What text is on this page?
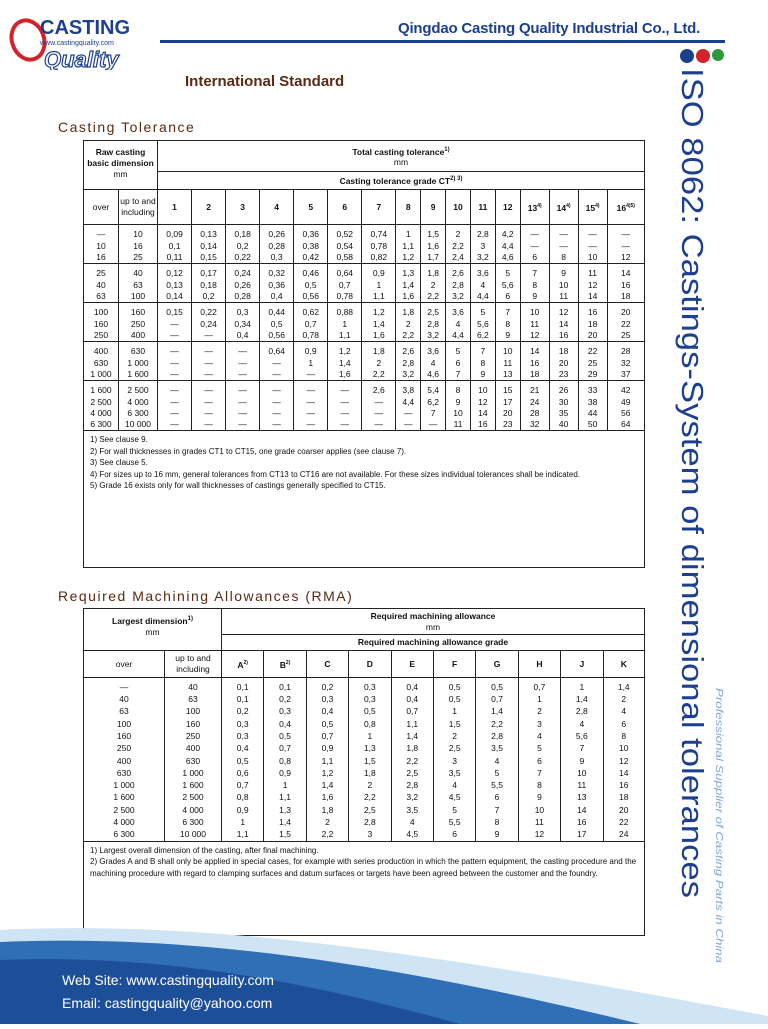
CASTING
www.castingquality.com
Quality
Qingdao Casting Quality Industrial Co., Ltd.
International Standard	ISO 8062: Castings-System of dimensional tolerances Professional Supplier of Casting Parts in China
Casting Tolerance
Raw casting basic dimension
mm		Total casting tolerance$^{1)}$
mm															
		Casting tolerance grade $CT^{2) 3)}$
over	up to and including	1	2	3	4	5	6	7	8	9	10	11	12	13$^{4)}$	14$^{4)}$	15$^{4)}$	$16^{4)5)}$
—	10	0,09	0,13	0,18	0,26	0,36	0,52	0,74	1	1,5	2	2,8	4,2	—	—	—	—
10	16	0,1	0,14	0,2	0,28	0,38	0,54	0,78	1,1	1,6	2,2	3	4,4	—	—	—	—
16	25	0,11	0,15	0,22	0,3	0,42	0,58	0,82	1,2	1,7	2,4	3,2	4,6	6	8	10	12
25	40	0,12	0,17	0,24	0,32	0,46	0,64	0,9	1,3	1,8	2,6	3,6	5	7	9	11	14
40	63	0,13	0,18	0,26	0,36	0,5	0,7	1	1,4	2	2,8	4	5,6	8	10	12	16
63	100	0,14	0,2	0,28	0,4	0,56	0,78	1,1	1,6	2,2	3,2	4,4	6	9	11	14	18
100	160	0,15	0,22	0,3	0,44	0,62	0,88	1,2	1,8	2,5	3,6	5	7	10	12	16	20
160	250	—	0,24	0,34	0,5	0,7	1	1,4	2	2,8	4	5,6	8	11	14	18	22
250	400	—	—	0,4	0,56	0,78	1,1	1,6	2,2	3,2	4,4	6,2	9	12	16	20	25
400	630	—	—	—	0,64	0,9	1,2	1,8	2,6	3,6	5	7	10	14	18	22	28
630	1 000	—	—	—	—	1	1,4	2	2,8	4	6	8	11	16	20	25	32
1 000	1 600	—	—	—	—	—	1,6	2,2	3,2	4,6	7	9	13	18	23	29	37
1 600	2 500	—	—	—	—	—	—	2,6	3,8	5,4	8	10	15	21	26	33	42
2 500	4 000	—	—	—	—	—	—	—	4,4	6,2	9	12	17	24	30	38	49
4 000	6 300	—	—	—	—	—	—	—	—	7	10	14	20	28	35	44	56
6 300	10 000	—	—	—	—	—	—	—	—	—	11	16	23	32	40	50	64

1) See clause 9.
2) For wall thicknesses in grades CT1 to CT15, one grade coarser applies (see clause 7).
3) See clause 5.
4) For sizes up to 16 mm, general tolerances from CT13 to CT16 are not available. For these sizes individual tolerances shall be indicated.
5) Grade 16 exists only for wall thicknesses of castings generally specified to CT15.																	
Required Machining Allowances (RMA)
Largest dimension$^{1)}$
mm		Required machining allowance
mm									
		Required machining allowance grade									
over	up to and including	$A^{2)}$	$B^{2)}$	C	D	E	F	G	H	J	K
—	40	0,1	0,1	0,2	0,3	0,4	0,5	0,5	0,7	1	1,4
40	63	0,1	0,2	0,3	0,3	0,4	0,5	0,7	1	1,4	2
63	100	0,2	0,3	0,4	0,5	0,7	1	1,4	2	2,8	4
100	160	0,3	0,4	0,5	0,8	1,1	1,5	2,2	3	4	6
160	250	0,3	0,5	0,7	1	1,4	2	2,8	4	5,6	8
250	400	0,4	0,7	0,9	1,3	1,8	2,5	3,5	5	7	10
400	630	0,5	0,8	1,1	1,5	2,2	3	4	6	9	12
630	1 000	0,6	0,9	1,2	1,8	2,5	3,5	5	7	10	14
1 000	1 600	0,7	1	1,4	2	2,8	4	5,5	8	11	16
1 600	2 500	0,8	1,1	1,6	2,2	3,2	4,5	6	9	13	18
2 500	4 000	0,9	1,3	1,8	2,5	3,5	5	7	10	14	20
4 000	6 300	1	1,4	2	2,8	4	5,5	8	11	16	22
6 300	10 000	1,1	1,5	2,2	3	4,5	6	9	12	17	24

1) Largest overall dimension of the casting, after final machining.
2) Grades A and B shall only be applied in special cases, for example with series production in which the pattern equipment, the casting procedure and the machining procedure with regard to clamping surfaces and datum surfaces or targets have been agreed between the customer and the foundry.											
Web Site: www.castingquality.com
Email: castingquality@yahoo.com
